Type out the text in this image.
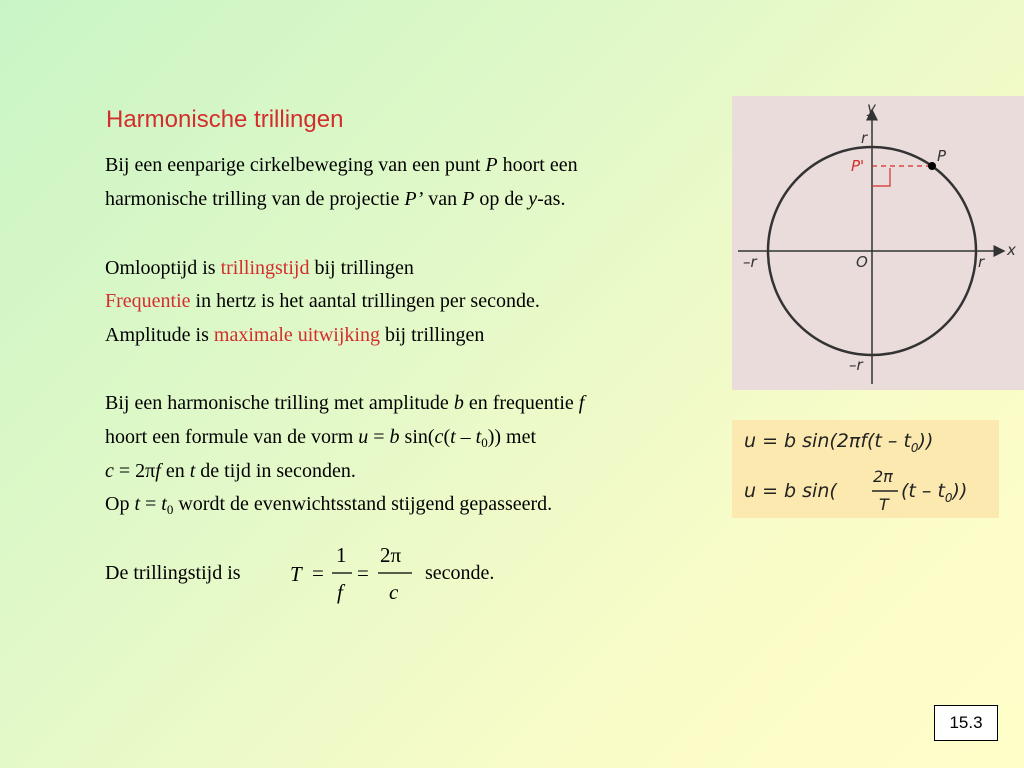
Harmonische trillingen
Bij een eenparige cirkelbeweging van een punt P hoort een
harmonische trilling van de projectie P’ van P op de y-as.
Omlooptijd is trillingstijd bij trillingen
Frequentie in hertz is het aantal trillingen per seconde.
Amplitude is maximale uitwijking bij trillingen
Bij een harmonische trilling met amplitude b en frequentie f
hoort een formule van de vorm u = b $\sin(c(t - t_0))$ met
c = 2πf en t de tijd in seconden.
Op $t = t_0$ wordt de evenwichtsstand stijgend gepasseerd.
De trillingstijd is T =
1
f
=
2π
c
seconde.
y
x
O
r
r
–r
–r
P
P'
u = b $\sin(2\pi f(t - t_0))$
u = b sin(
2π
T
$(t - t_0)$)
15.3
